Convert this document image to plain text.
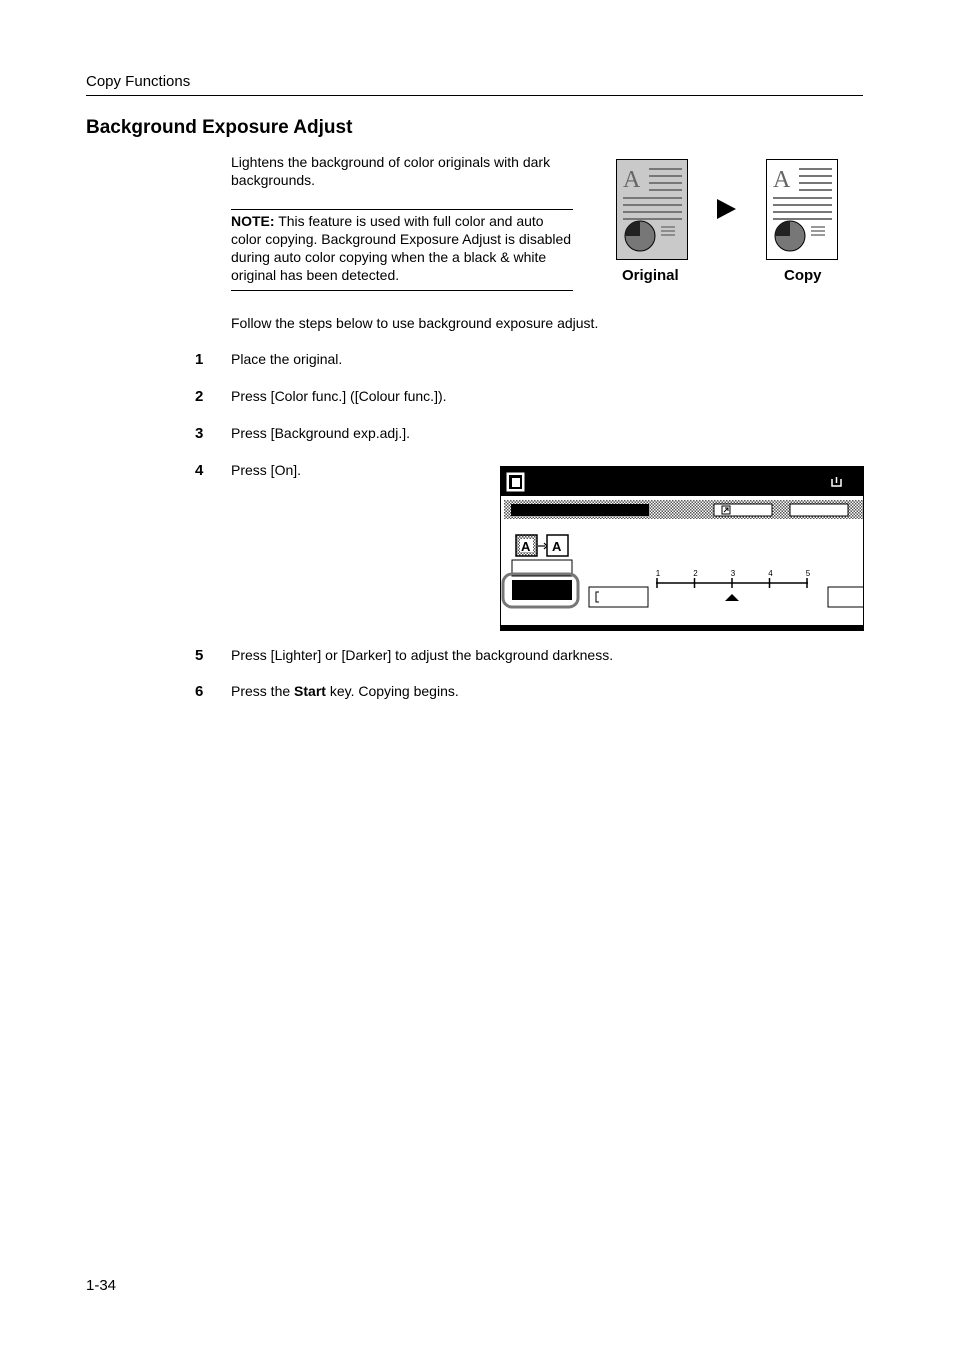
Copy Functions
Background Exposure Adjust
Lightens the background of color originals with dark backgrounds.
NOTE: This feature is used with full color and auto color copying. Background Exposure Adjust is disabled during auto color copying when the a black & white original has been detected.
A	A
Original	Copy
Follow the steps below to use background exposure adjust.
1 Place the original.
2 Press [Color func.] ([Colour func.]).
3 Press [Background exp.adj.].
4 Press [On].
A A
1	2	3	4	5
5 Press [Lighter] or [Darker] to adjust the background darkness.
6 Press the Start key. Copying begins.
1-34
